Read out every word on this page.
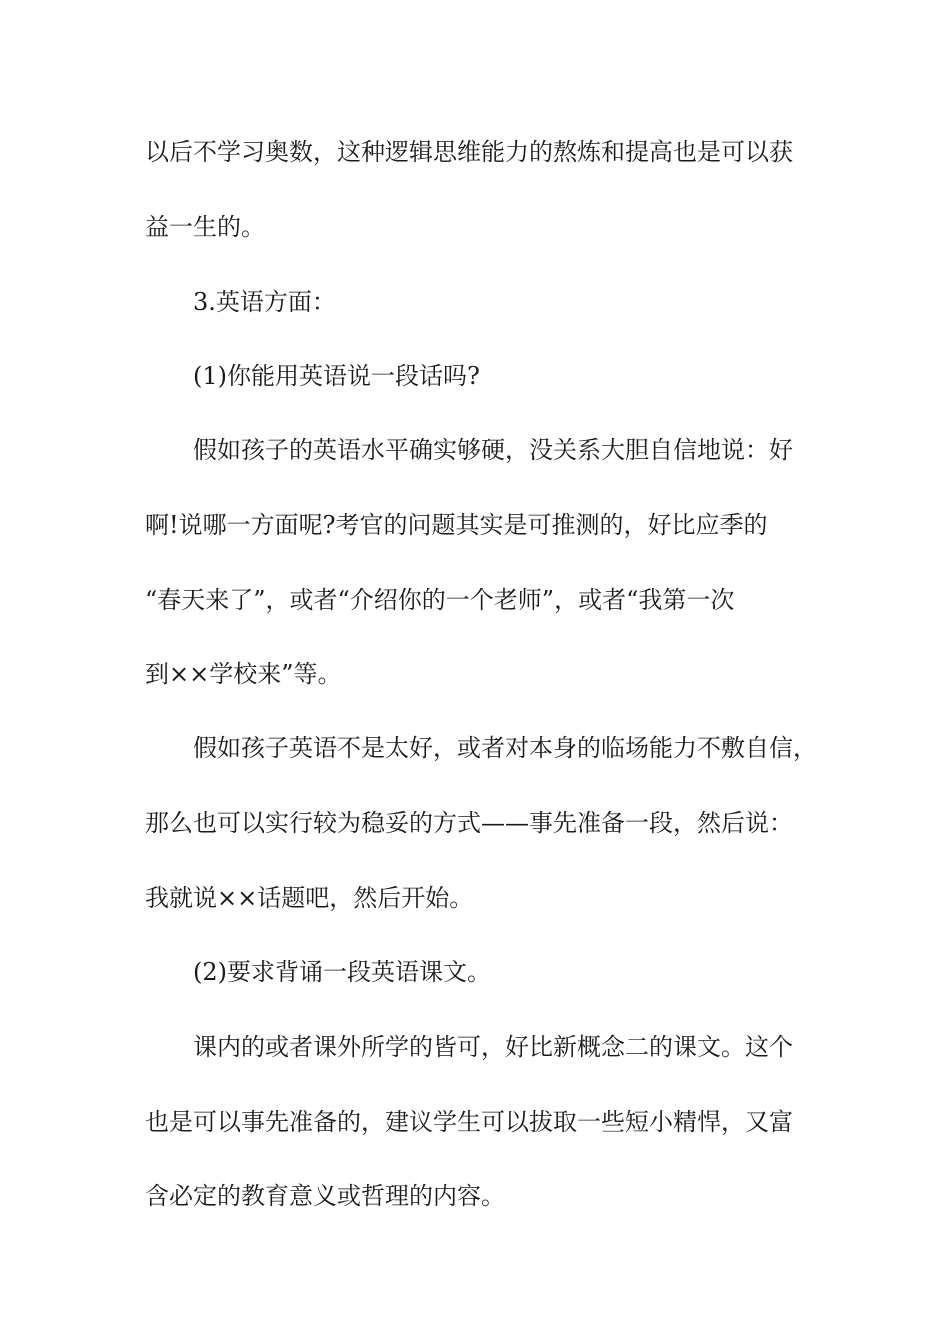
以后不学习奥数，这种逻辑思维能力的熬炼和提高也是可以获
益一生的。
3.英语方面：
(1)你能用英语说一段话吗?
假如孩子的英语水平确实够硬，没关系大胆自信地说：好
啊!说哪一方面呢?考官的问题其实是可推测的，好比应季的
“春天来了”，或者“介绍你的一个老师”，或者“我第一次
到××学校来”等。
假如孩子英语不是太好，或者对本身的临场能力不敷自信，
那么也可以实行较为稳妥的方式——事先准备一段，然后说：
我就说××话题吧，然后开始。
(2)要求背诵一段英语课文。
课内的或者课外所学的皆可，好比新概念二的课文。这个
也是可以事先准备的，建议学生可以拔取一些短小精悍，又富
含必定的教育意义或哲理的内容。
